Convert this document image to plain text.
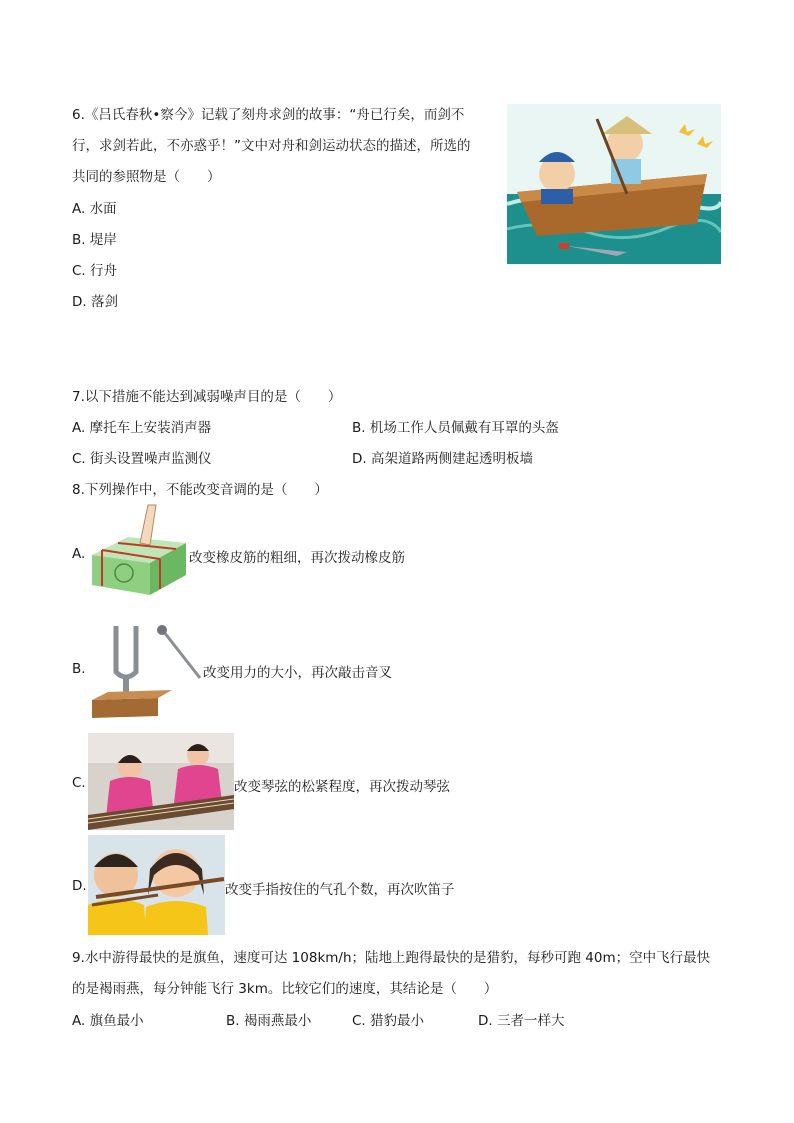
6.《吕氏春秋•察今》记载了刻舟求剑的故事：“舟已行矣，而剑不
行，求剑若此，不亦惑乎！”文中对舟和剑运动状态的描述，所选的
共同的参照物是（　　）
A. 水面
B. 堤岸
C. 行舟
D. 落剑
7.以下措施不能达到减弱噪声目的是（　　）
A. 摩托车上安装消声器	B. 机场工作人员佩戴有耳罩的头盔
C. 街头设置噪声监测仪	D. 高架道路两侧建起透明板墙
8.下列操作中，不能改变音调的是（　　）
A.	改变橡皮筋的粗细，再次拨动橡皮筋
B.	改变用力的大小，再次敲击音叉
C.	改变琴弦的松紧程度，再次拨动琴弦
D.	改变手指按住的气孔个数，再次吹笛子
9.水中游得最快的是旗鱼，速度可达 108km/h；陆地上跑得最快的是猎豹，每秒可跑 40m；空中飞行最快
的是褐雨燕，每分钟能飞行 3km。比较它们的速度，其结论是（　　）
A. 旗鱼最小	B. 褐雨燕最小	C. 猎豹最小	D. 三者一样大
